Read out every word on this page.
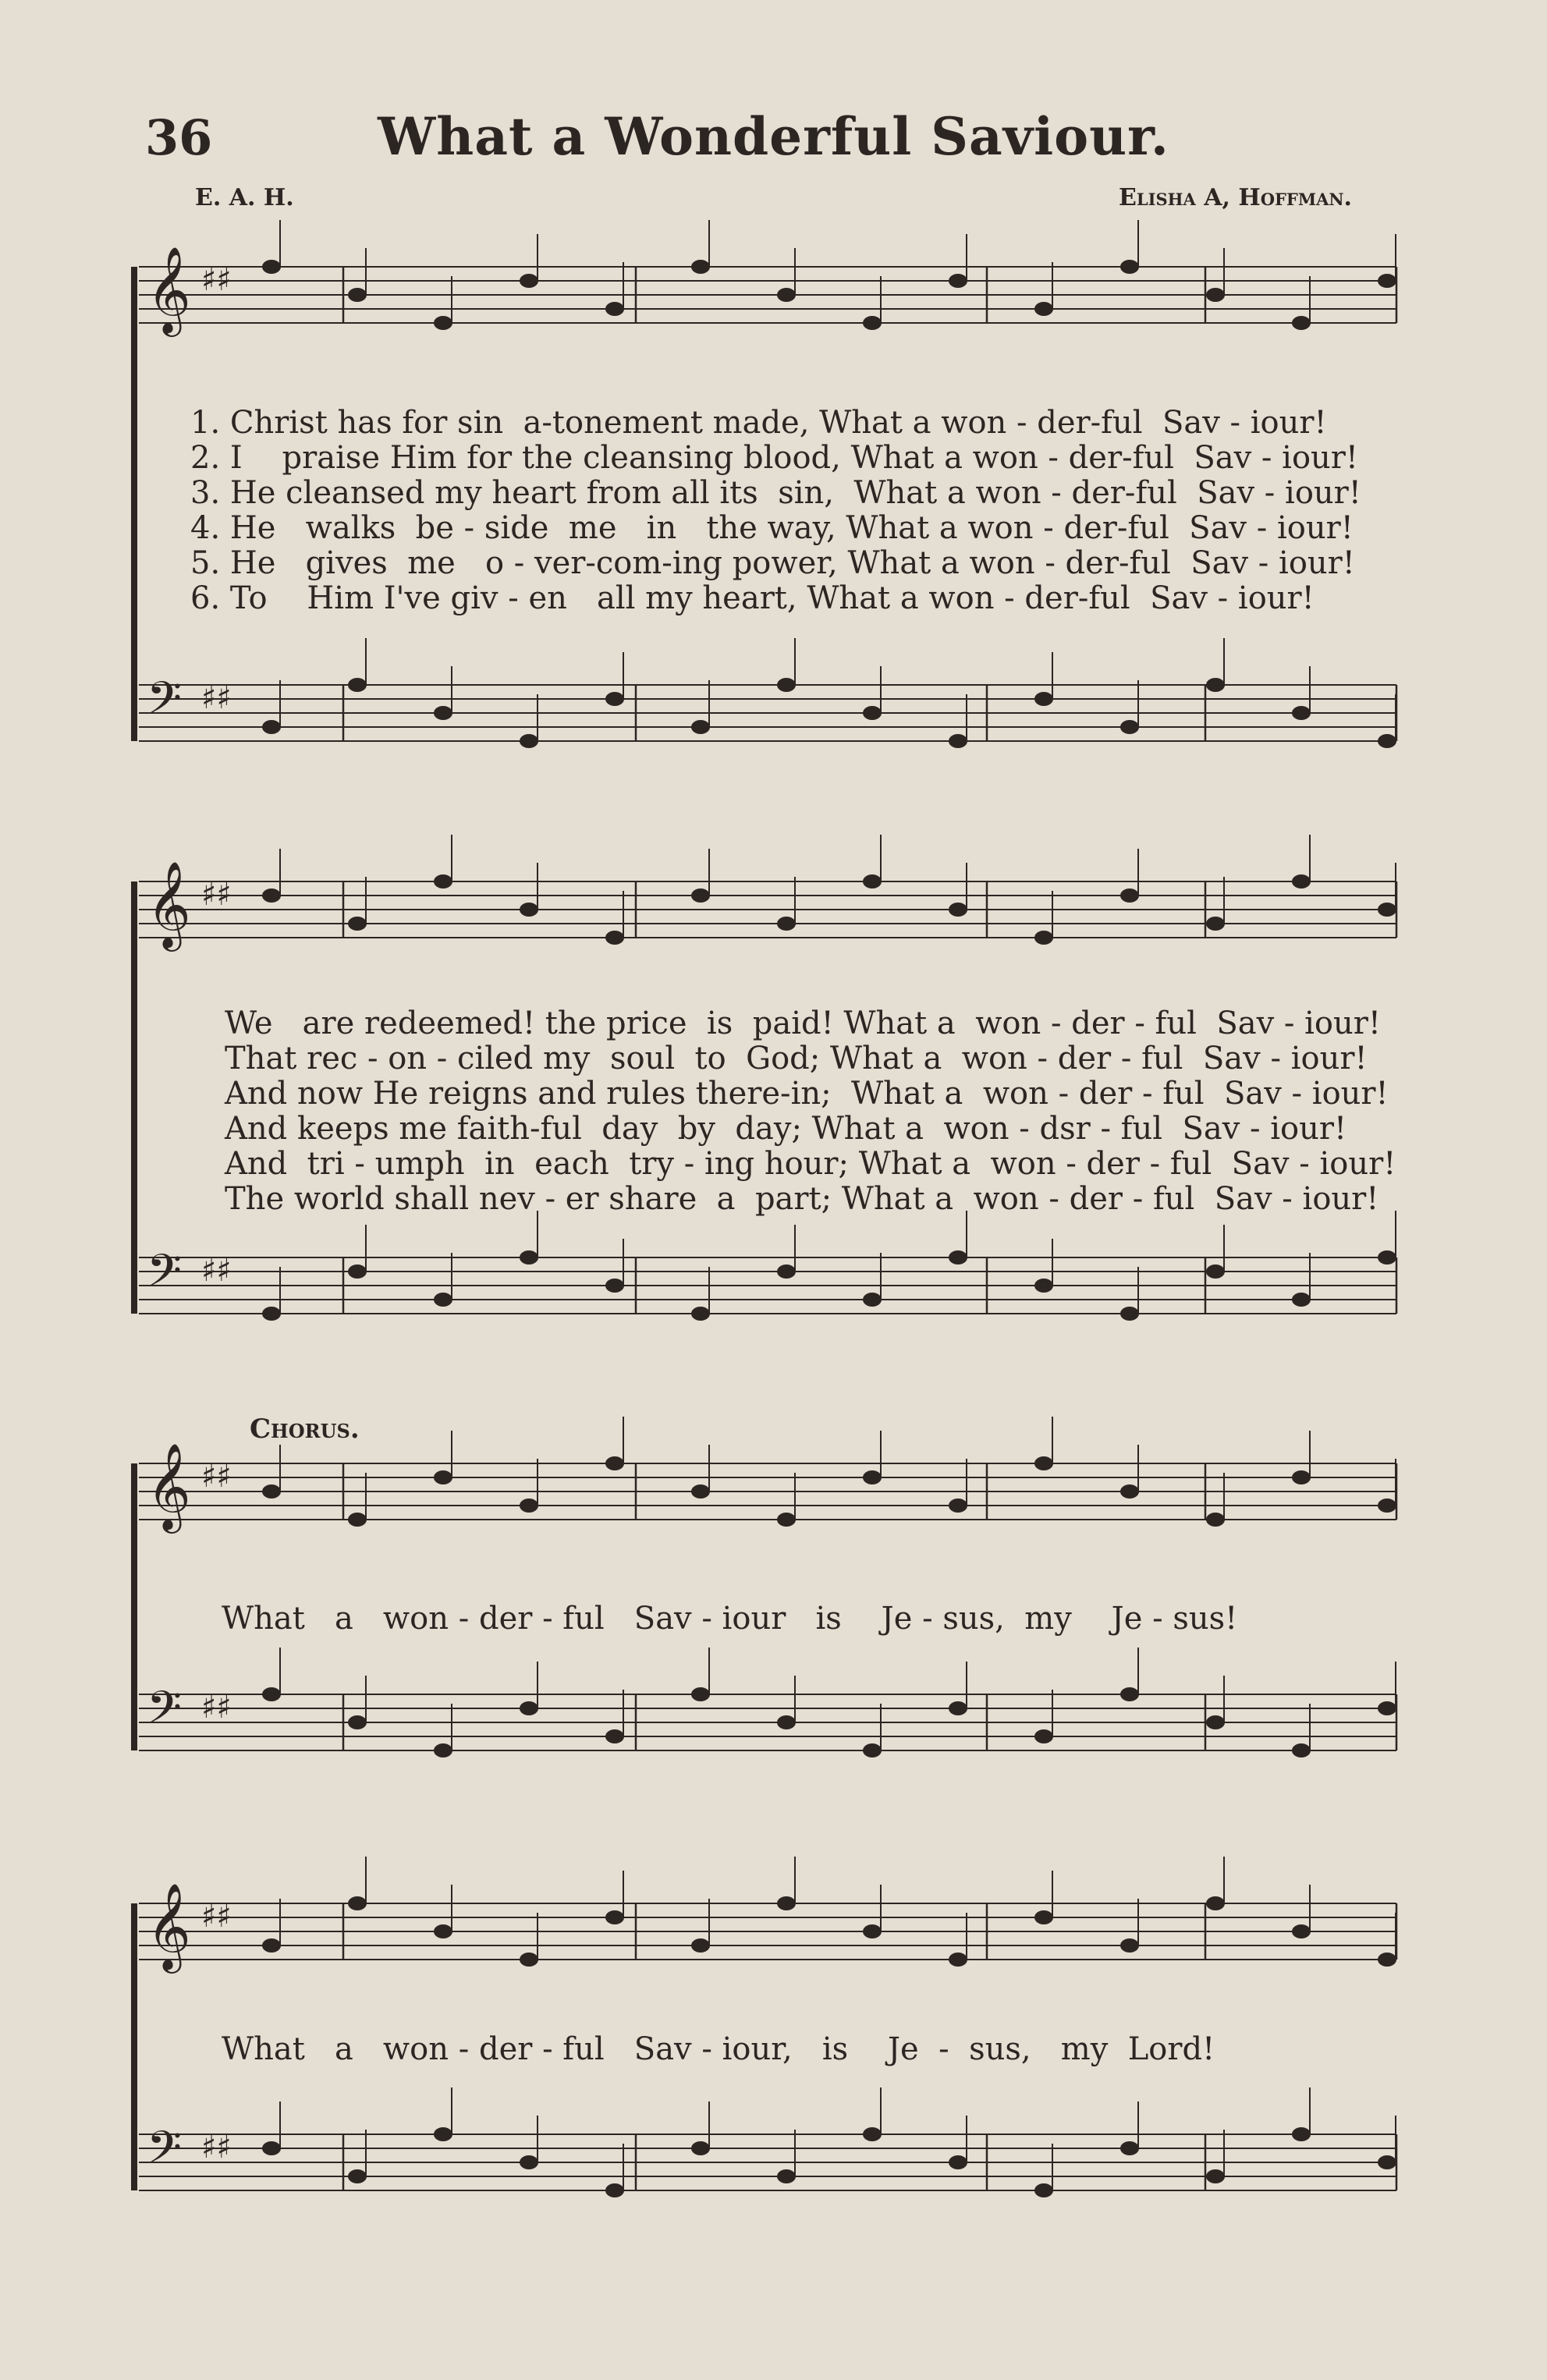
36	What a Wonderful Saviour.
E. A. H.	Elisha A, Hoffman.
𝄞 ♯♯
𝄢 ♯♯
𝄞 ♯♯
𝄢 ♯♯
𝄞 ♯♯
𝄢 ♯♯
𝄞 ♯♯
𝄢 ♯♯
1. Christ has for sin  a-tonement made, What a won - der-ful  Sav - iour!
2. I    praise Him for the cleansing blood, What a won - der-ful  Sav - iour!
3. He cleansed my heart from all its  sin,  What a won - der-ful  Sav - iour!
4. He   walks  be - side  me   in   the way, What a won - der-ful  Sav - iour!
5. He   gives  me   o - ver-com-ing power, What a won - der-ful  Sav - iour!
6. To    Him I've giv - en   all my heart, What a won - der-ful  Sav - iour!
We   are redeemed! the price  is  paid! What a  won - der - ful  Sav - iour!
That rec - on - ciled my  soul  to  God; What a  won - der - ful  Sav - iour!
And now He reigns and rules there-in;  What a  won - der - ful  Sav - iour!
And keeps me faith-ful  day  by  day; What a  won - dsr - ful  Sav - iour!
And  tri - umph  in  each  try - ing hour; What a  won - der - ful  Sav - iour!
The world shall nev - er share  a  part; What a  won - der - ful  Sav - iour!
Chorus.
What   a   won - der - ful   Sav - iour   is    Je - sus,  my    Je - sus!
What   a   won - der - ful   Sav - iour,   is    Je  -  sus,   my  Lord!
